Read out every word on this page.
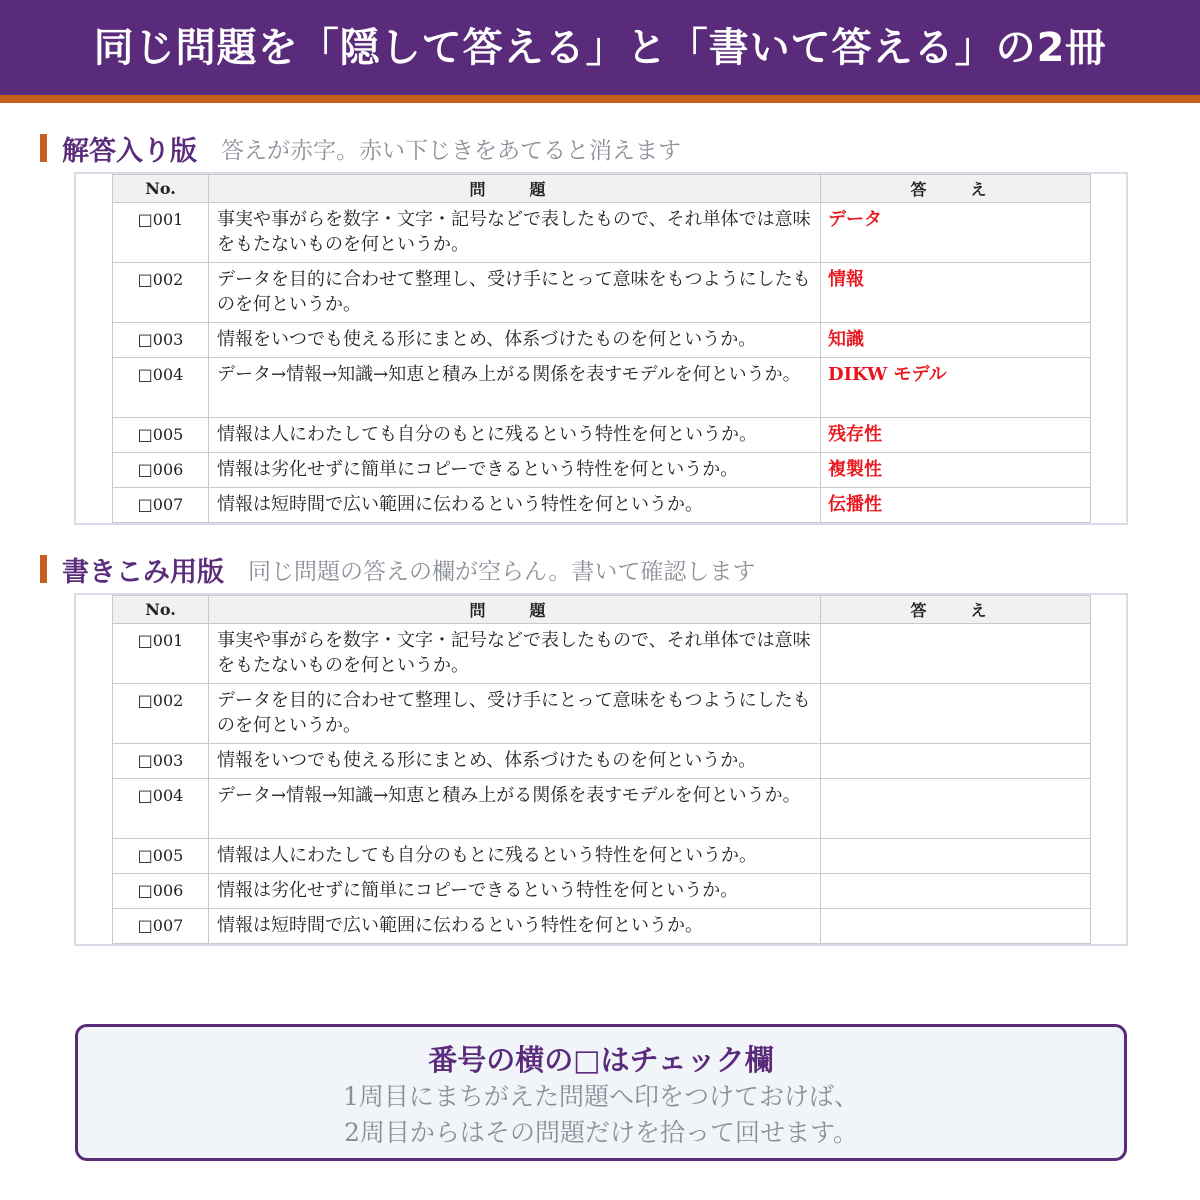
同じ問題を「隠して答える」と「書いて答える」の2冊
解答入り版 答えが赤字。赤い下じきをあてると消えます
No.	問　題	答　え
□001	事実や事がらを数字・文字・記号などで表したもので、それ単体では意味をもたないものを何というか。	データ
□002	データを目的に合わせて整理し、受け手にとって意味をもつようにしたものを何というか。	情報
□003	情報をいつでも使える形にまとめ、体系づけたものを何というか。	知識
□004	データ→情報→知識→知恵と積み上がる関係を表すモデルを何というか。	DIKW モデル
□005	情報は人にわたしても自分のもとに残るという特性を何というか。	残存性
□006	情報は劣化せずに簡単にコピーできるという特性を何というか。	複製性
□007	情報は短時間で広い範囲に伝わるという特性を何というか。	伝播性
書きこみ用版 同じ問題の答えの欄が空らん。書いて確認します
No.	問　題	答　え
□001	事実や事がらを数字・文字・記号などで表したもので、それ単体では意味をもたないものを何というか。	
□002	データを目的に合わせて整理し、受け手にとって意味をもつようにしたものを何というか。	
□003	情報をいつでも使える形にまとめ、体系づけたものを何というか。	
□004	データ→情報→知識→知恵と積み上がる関係を表すモデルを何というか。	
□005	情報は人にわたしても自分のもとに残るという特性を何というか。	
□006	情報は劣化せずに簡単にコピーできるという特性を何というか。	
□007	情報は短時間で広い範囲に伝わるという特性を何というか。	
番号の横の□はチェック欄
1周目にまちがえた問題へ印をつけておけば、
2周目からはその問題だけを拾って回せます。
